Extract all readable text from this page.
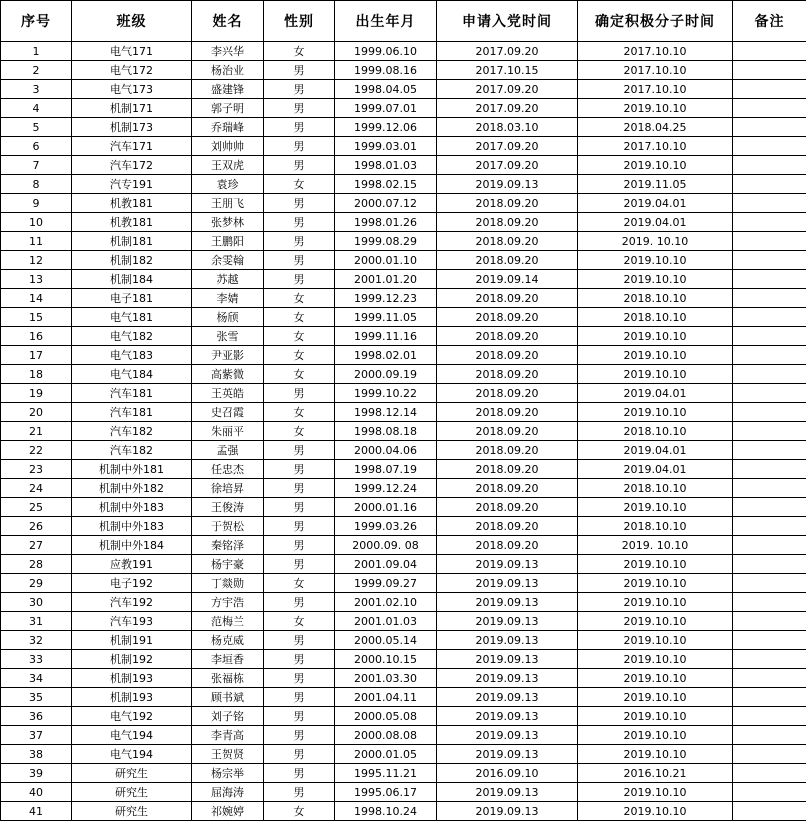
序号	班级	姓名	性别	出生年月	申请入党时间	确定积极分子时间	备注
1	电气171	李兴华	女	1999.06.10	2017.09.20	2017.10.10	
2	电气172	杨治业	男	1999.08.16	2017.10.15	2017.10.10	
3	电气173	盛建锋	男	1998.04.05	2017.09.20	2017.10.10	
4	机制171	郭子明	男	1999.07.01	2017.09.20	2019.10.10	
5	机制173	乔瑞峰	男	1999.12.06	2018.03.10	2018.04.25	
6	汽车171	刘帅帅	男	1999.03.01	2017.09.20	2017.10.10	
7	汽车172	王双虎	男	1998.01.03	2017.09.20	2019.10.10	
8	汽专191	袁珍	女	1998.02.15	2019.09.13	2019.11.05	
9	机教181	王朋飞	男	2000.07.12	2018.09.20	2019.04.01	
10	机教181	张梦林	男	1998.01.26	2018.09.20	2019.04.01	
11	机制181	王鹏阳	男	1999.08.29	2018.09.20	2019. 10.10	
12	机制182	余雯翰	男	2000.01.10	2018.09.20	2019.10.10	
13	机制184	苏越	男	2001.01.20	2019.09.14	2019.10.10	
14	电子181	李婧	女	1999.12.23	2018.09.20	2018.10.10	
15	电气181	杨颀	女	1999.11.05	2018.09.20	2018.10.10	
16	电气182	张雪	女	1999.11.16	2018.09.20	2019.10.10	
17	电气183	尹亚影	女	1998.02.01	2018.09.20	2019.10.10	
18	电气184	高紫微	女	2000.09.19	2018.09.20	2019.10.10	
19	汽车181	王英皓	男	1999.10.22	2018.09.20	2019.04.01	
20	汽车181	史召霞	女	1998.12.14	2018.09.20	2019.10.10	
21	汽车182	朱丽平	女	1998.08.18	2018.09.20	2018.10.10	
22	汽车182	孟强	男	2000.04.06	2018.09.20	2019.04.01	
23	机制中外181	任忠杰	男	1998.07.19	2018.09.20	2019.04.01	
24	机制中外182	徐培昇	男	1999.12.24	2018.09.20	2018.10.10	
25	机制中外183	王俊涛	男	2000.01.16	2018.09.20	2019.10.10	
26	机制中外183	于贺松	男	1999.03.26	2018.09.20	2018.10.10	
27	机制中外184	秦铭泽	男	2000.09. 08	2018.09.20	2019. 10.10	
28	应教191	杨宇豪	男	2001.09.04	2019.09.13	2019.10.10	
29	电子192	丁燚勋	女	1999.09.27	2019.09.13	2019.10.10	
30	汽车192	方宇浩	男	2001.02.10	2019.09.13	2019.10.10	
31	汽车193	范梅兰	女	2001.01.03	2019.09.13	2019.10.10	
32	机制191	杨克威	男	2000.05.14	2019.09.13	2019.10.10	
33	机制192	李垣香	男	2000.10.15	2019.09.13	2019.10.10	
34	机制193	张福栋	男	2001.03.30	2019.09.13	2019.10.10	
35	机制193	顾书斌	男	2001.04.11	2019.09.13	2019.10.10	
36	电气192	刘子铭	男	2000.05.08	2019.09.13	2019.10.10	
37	电气194	李青高	男	2000.08.08	2019.09.13	2019.10.10	
38	电气194	王贺贤	男	2000.01.05	2019.09.13	2019.10.10	
39	研究生	杨宗举	男	1995.11.21	2016.09.10	2016.10.21	
40	研究生	屈海涛	男	1995.06.17	2019.09.13	2019.10.10	
41	研究生	祁婉婷	女	1998.10.24	2019.09.13	2019.10.10	
